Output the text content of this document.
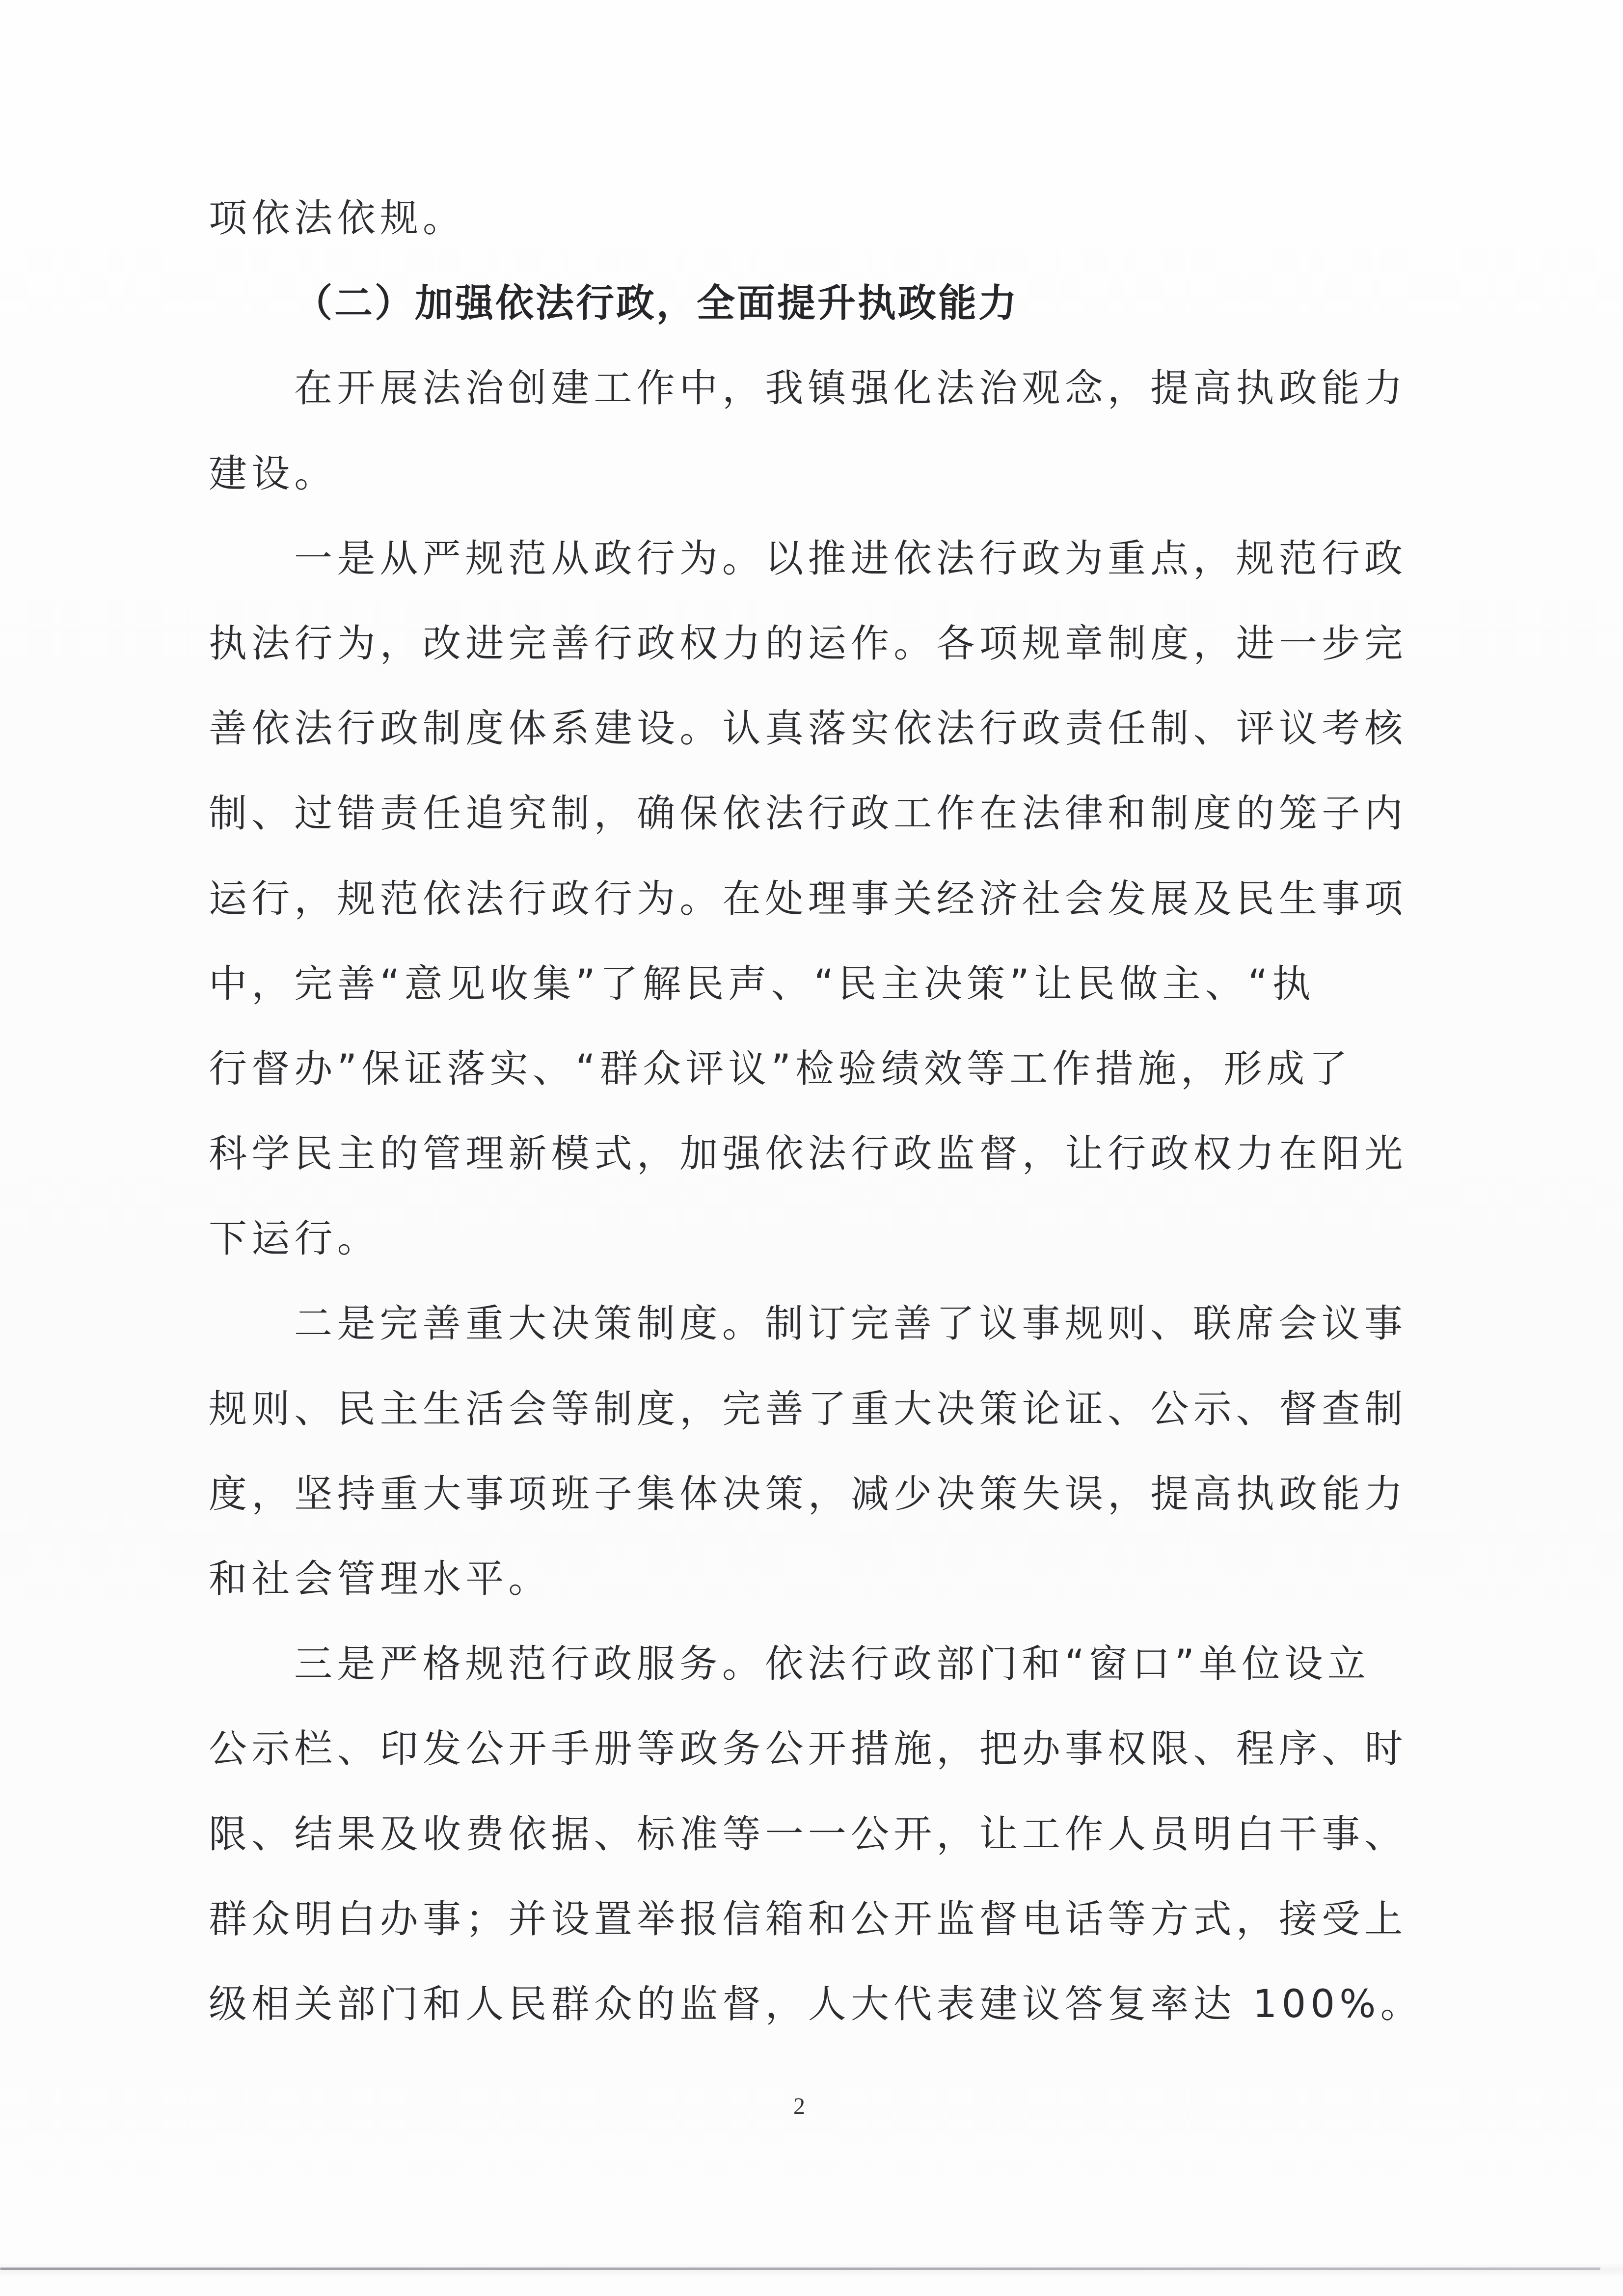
项依法依规。
（二）加强依法行政，全面提升执政能力
在开展法治创建工作中，我镇强化法治观念，提高执政能力
建设。
一是从严规范从政行为。以推进依法行政为重点，规范行政
执法行为，改进完善行政权力的运作。各项规章制度，进一步完
善依法行政制度体系建设。认真落实依法行政责任制、评议考核
制、过错责任追究制，确保依法行政工作在法律和制度的笼子内
运行，规范依法行政行为。在处理事关经济社会发展及民生事项
中，完善“意见收集”了解民声、“民主决策”让民做主、“执
行督办”保证落实、“群众评议”检验绩效等工作措施，形成了
科学民主的管理新模式，加强依法行政监督，让行政权力在阳光
下运行。
二是完善重大决策制度。制订完善了议事规则、联席会议事
规则、民主生活会等制度，完善了重大决策论证、公示、督查制
度，坚持重大事项班子集体决策，减少决策失误，提高执政能力
和社会管理水平。
三是严格规范行政服务。依法行政部门和“窗口”单位设立
公示栏、印发公开手册等政务公开措施，把办事权限、程序、时
限、结果及收费依据、标准等一一公开，让工作人员明白干事、
群众明白办事；并设置举报信箱和公开监督电话等方式，接受上
级相关部门和人民群众的监督，人大代表建议答复率达 100%。
2
